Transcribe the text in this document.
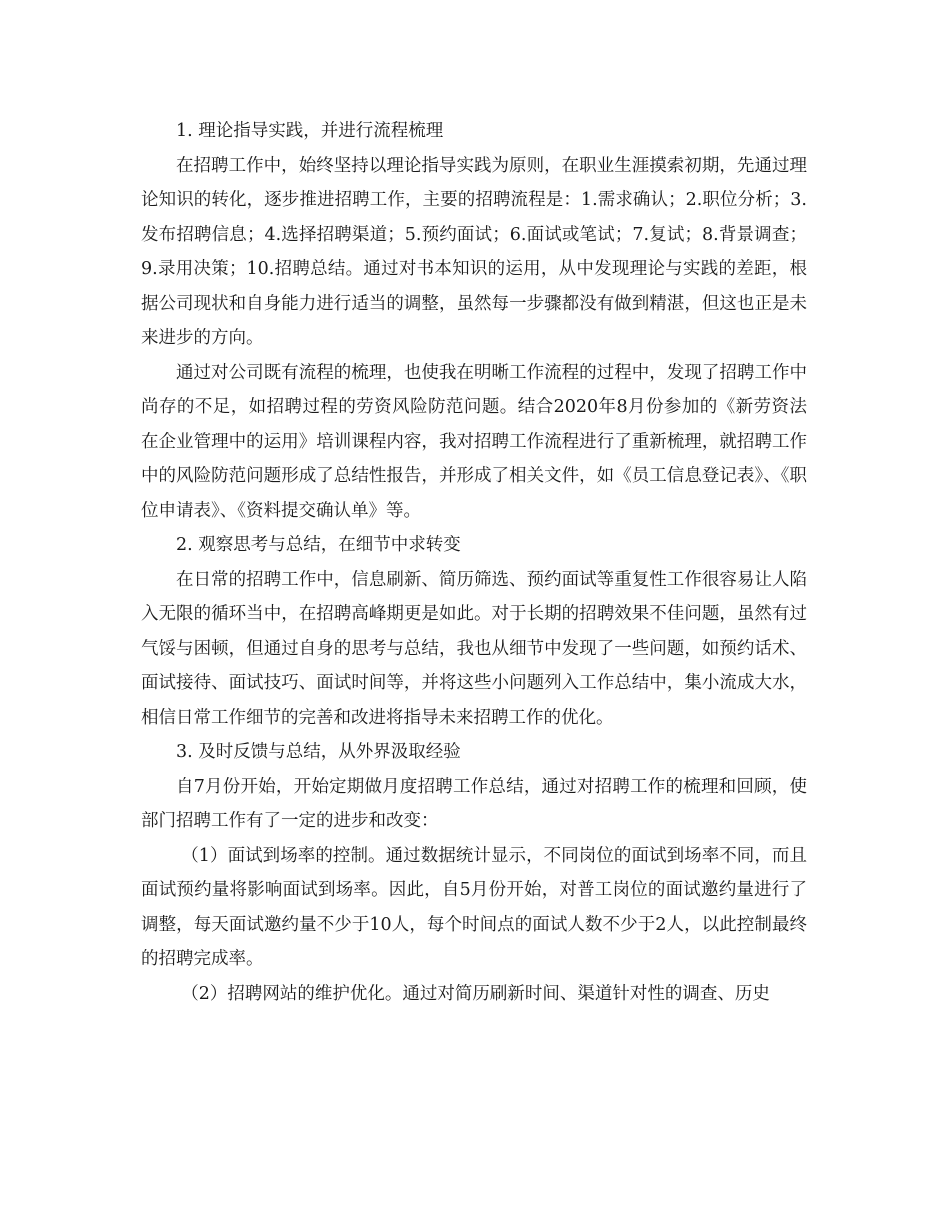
1. 理论指导实践，并进行流程梳理

在招聘工作中，始终坚持以理论指导实践为原则，在职业生涯摸索初期，先通过理论知识的转化，逐步推进招聘工作，主要的招聘流程是：1.需求确认；2.职位分析；3.发布招聘信息；4.选择招聘渠道；5.预约面试；6.面试或笔试；7.复试；8.背景调查；9.录用决策；10.招聘总结。通过对书本知识的运用，从中发现理论与实践的差距，根据公司现状和自身能力进行适当的调整，虽然每一步骤都没有做到精湛，但这也正是未来进步的方向。

通过对公司既有流程的梳理，也使我在明晰工作流程的过程中，发现了招聘工作中尚存的不足，如招聘过程的劳资风险防范问题。结合2020年8月份参加的《新劳资法在企业管理中的运用》培训课程内容，我对招聘工作流程进行了重新梳理，就招聘工作中的风险防范问题形成了总结性报告，并形成了相关文件，如《员工信息登记表》、《职位申请表》、《资料提交确认单》等。

2. 观察思考与总结，在细节中求转变

在日常的招聘工作中，信息刷新、简历筛选、预约面试等重复性工作很容易让人陷入无限的循环当中，在招聘高峰期更是如此。对于长期的招聘效果不佳问题，虽然有过气馁与困顿，但通过自身的思考与总结，我也从细节中发现了一些问题，如预约话术、面试接待、面试技巧、面试时间等，并将这些小问题列入工作总结中，集小流成大水，相信日常工作细节的完善和改进将指导未来招聘工作的优化。

3. 及时反馈与总结，从外界汲取经验

自7月份开始，开始定期做月度招聘工作总结，通过对招聘工作的梳理和回顾，使部门招聘工作有了一定的进步和改变：

（1）面试到场率的控制。通过数据统计显示，不同岗位的面试到场率不同，而且面试预约量将影响面试到场率。因此，自5月份开始，对普工岗位的面试邀约量进行了调整，每天面试邀约量不少于10人，每个时间点的面试人数不少于2人，以此控制最终的招聘完成率。

（2）招聘网站的维护优化。通过对简历刷新时间、渠道针对性的调查、历史
